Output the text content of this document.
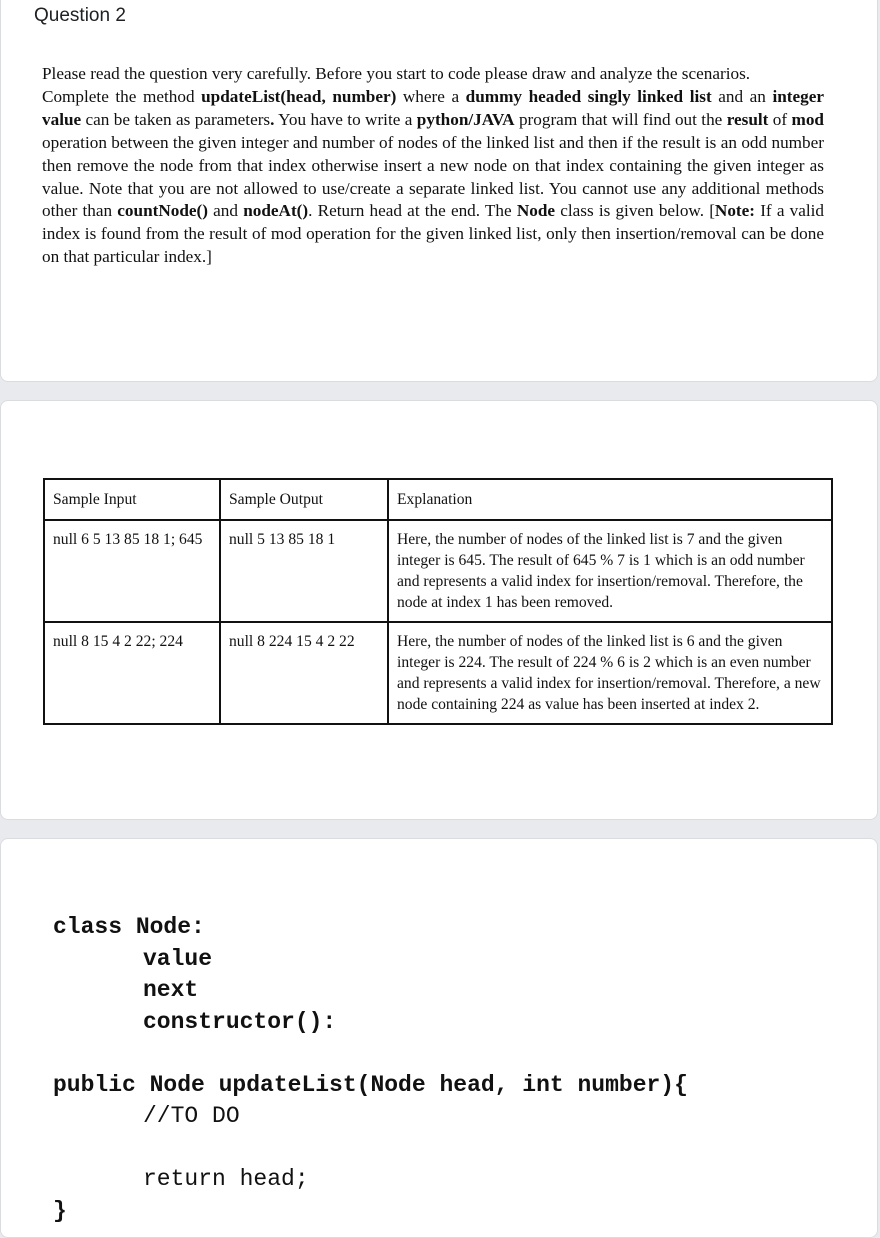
Question 2

Please read the question very carefully. Before you start to code please draw and analyze the scenarios.

Complete the method updateList(head, number) where a dummy headed singly linked list and an integer value can be taken as parameters. You have to write a python/JAVA program that will find out the result of mod operation between the given integer and number of nodes of the linked list and then if the result is an odd number then remove the node from that index otherwise insert a new node on that index containing the given integer as value. Note that you are not allowed to use/create a separate linked list. You cannot use any additional methods other than countNode() and nodeAt(). Return head at the end. The Node class is given below. [Note: If a valid index is found from the result of mod operation for the given linked list, only then insertion/removal can be done on that particular index.]

Sample Input	Sample Output	Explanation
null 6 5 13 85 18 1; 645	null 5 13 85 18 1	Here, the number of nodes of the linked list is 7 and the given integer is 645. The result of 645 % 7 is 1 which is an odd number and represents a valid index for insertion/removal. Therefore, the node at index 1 has been removed.
null 8 15 4 2 22; 224	null 8 224 15 4 2 22	Here, the number of nodes of the linked list is 6 and the given integer is 224. The result of 224 % 6 is 2 which is an even number and represents a valid index for insertion/removal. Therefore, a new node containing 224 as value has been inserted at index 2.
class Node:
value
next
constructor():
public Node updateList(Node head, int number){
//TO DO
return head;
}
